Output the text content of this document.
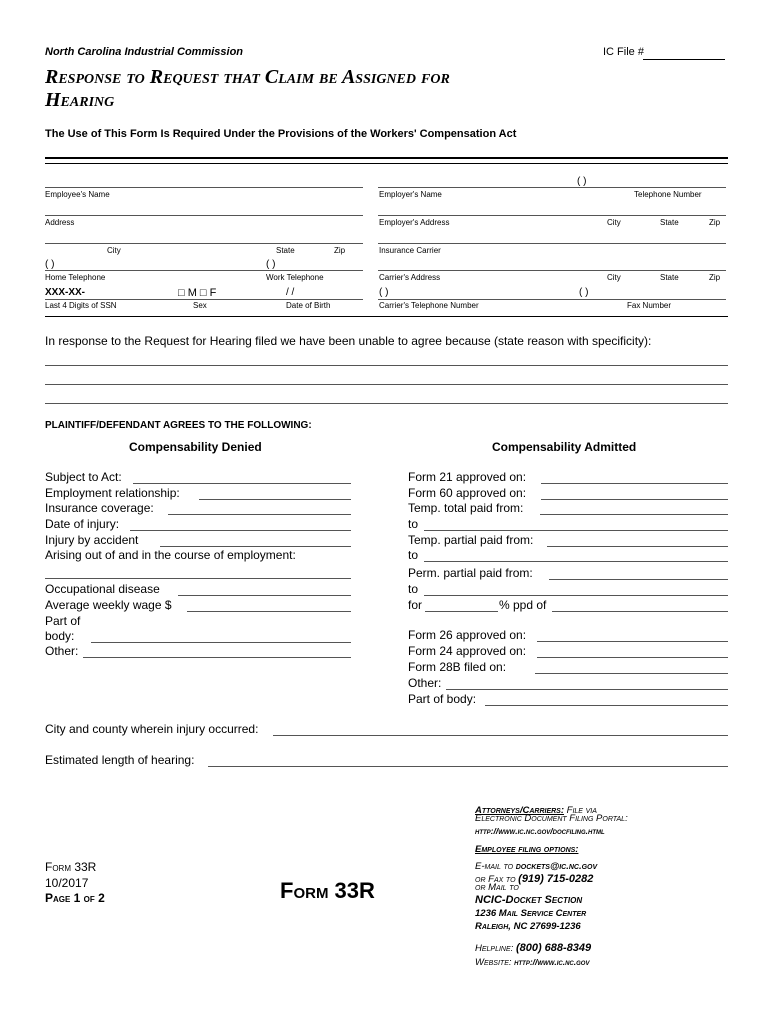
North Carolina Industrial Commission	IC File #
Response to Request that Claim be Assigned for
Hearing
The Use of This Form Is Required Under the Provisions of the Workers' Compensation Act
Employee's Name
Address
City	State	Zip
( )	( )
Home Telephone	Work Telephone
XXX-XX-	□ M □ F	/ /
Last 4 Digits of SSN	Sex	Date of Birth
( )
Employer's Name	Telephone Number
Employer's Address	City	State	Zip
Insurance Carrier
Carrier's Address	City	State	Zip
( )	( )
Carrier's Telephone Number	Fax Number
In response to the Request for Hearing filed we have been unable to agree because (state reason with specificity):
PLAINTIFF/DEFENDANT AGREES TO THE FOLLOWING:
Compensability Denied	Compensability Admitted
Subject to Act:
Employment relationship:
Insurance coverage:
Date of injury:
Injury by accident
Arising out of and in the course of employment:
Occupational disease
Average weekly wage $
Part of
body:
Other:
Form 21 approved on:
Form 60 approved on:
Temp. total paid from:
to
Temp. partial paid from:
to
Perm. partial paid from:
to
for	% ppd of
Form 26 approved on:
Form 24 approved on:
Form 28B filed on:
Other:
Part of body:
City and county wherein injury occurred:
Estimated length of hearing:
Form 33R
10/2017
Page 1 of 2	Form 33R
Attorneys/Carriers: File via
Electronic Document Filing Portal:
http://www.ic.nc.gov/docfiling.html
Employee filing options:
E-mail to dockets@ic.nc.gov
or Fax to (919) 715-0282
or Mail to
NCIC-Docket Section
1236 Mail Service Center
Raleigh, NC 27699-1236
Helpline: (800) 688-8349
Website: http://www.ic.nc.gov
